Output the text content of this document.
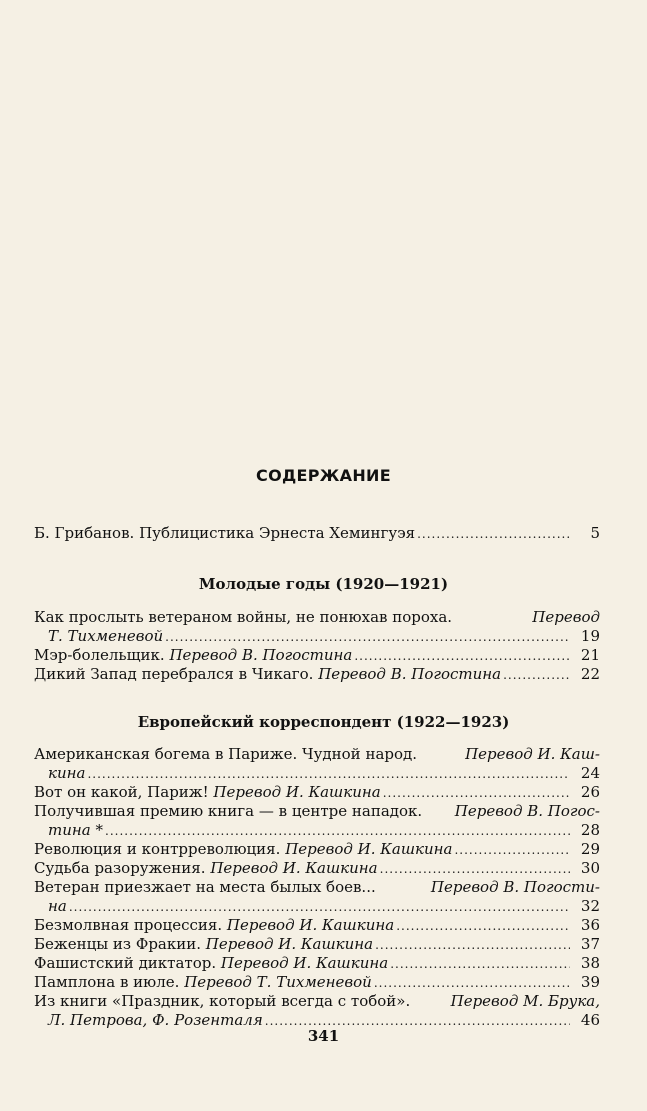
СОДЕРЖАНИЕ
Б. Грибанов. Публицистика Эрнеста Хемингуэя .....	5
Молодые годы (1920—1921)
Как прослыть ветераном войны, не понюхав пороха.	Перевод
Т. Тихменевой .....	19
Мэр-болельщик.
Перевод В. Погостина .....	21
Дикий Запад перебрался в Чикаго.
Перевод В. Погостина .....	22
Европейский корреспондент (1922—1923)
Американская богема в Париже. Чудной народ.	Перевод И. Каш-
кина .....	24
Вот он какой, Париж!
Перевод И. Кашкина .....	26
Получившая премию книга — в центре нападок. Перевод В. Погос-
тина * .....	28
Революция и контрреволюция.
Перевод И. Кашкина .....	29
Судьба разоружения.
Перевод И. Кашкина .....	30
Ветеран приезжает на места былых боев...	Перевод В. Погости-
на .....	32
Безмолвная процессия.
Перевод И. Кашкина .....	36
Беженцы из Фракии.
Перевод И. Кашкина .....	37
Фашистский диктатор.
Перевод И. Кашкина .....	38
Памплона в июле.
Перевод Т. Тихменевой .....	39
Из книги «Праздник, который всегда с тобой».	Перевод М. Брука,
Л. Петрова, Ф. Розенталя .....	46
341
